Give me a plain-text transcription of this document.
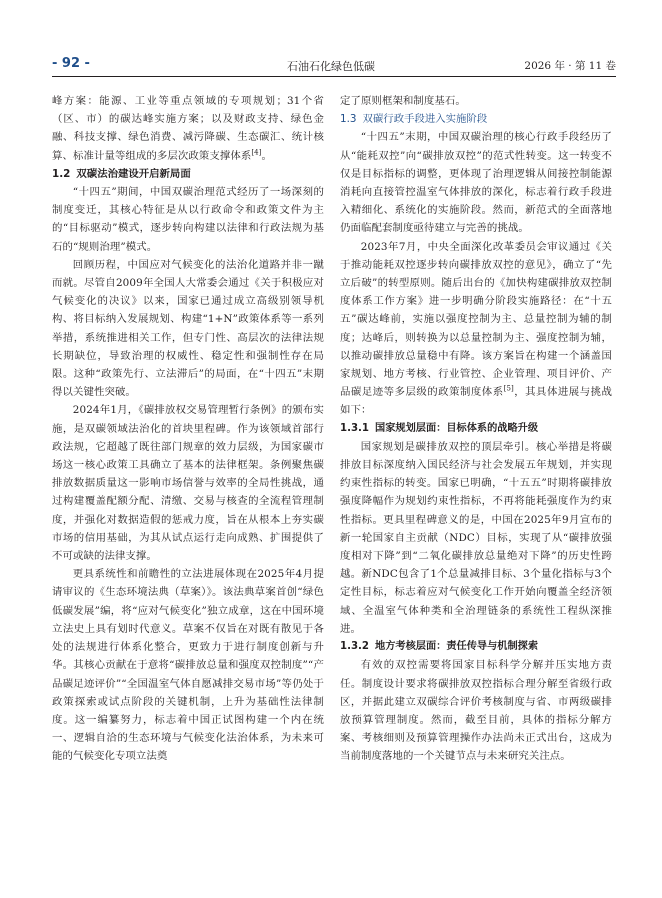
- 92 -	石油石化绿色低碳	2026 年 · 第 11 卷

峰方案：能源、工业等重点领域的专项规划；31个省（区、市）的碳达峰实施方案；以及财政支持、绿色金融、科技支撑、绿色消费、减污降碳、生态碳汇、统计核算、标准计量等组成的多层次政策支撑体系[4]。

1.2 双碳法治建设开启新局面

“十四五”期间，中国双碳治理范式经历了一场深刻的制度变迁，其核心特征是从以行政命令和政策文件为主的“目标驱动”模式，逐步转向构建以法律和行政法规为基石的“规则治理”模式。

回顾历程，中国应对气候变化的法治化道路并非一蹴而就。尽管自2009年全国人大常委会通过《关于积极应对气候变化的决议》以来，国家已通过成立高级别领导机构、将目标纳入发展规划、构建“1+N”政策体系等一系列举措，系统推进相关工作，但专门性、高层次的法律法规长期缺位，导致治理的权威性、稳定性和强制性存在局限。这种“政策先行、立法滞后”的局面，在“十四五”末期得以关键性突破。

2024年1月，《碳排放权交易管理暂行条例》的颁布实施，是双碳领域法治化的首块里程碑。作为该领域首部行政法规，它超越了既往部门规章的效力层级，为国家碳市场这一核心政策工具确立了基本的法律框架。条例聚焦碳排放数据质量这一影响市场信誉与效率的全局性挑战，通过构建覆盖配额分配、清缴、交易与核查的全流程管理制度，并强化对数据造假的惩戒力度，旨在从根本上夯实碳市场的信用基础，为其从试点运行走向成熟、扩围提供了不可或缺的法律支撑。

更具系统性和前瞻性的立法进展体现在2025年4月提请审议的《生态环境法典（草案）》。该法典草案首创“绿色低碳发展”编，将“应对气候变化”独立成章，这在中国环境立法史上具有划时代意义。草案不仅旨在对既有散见于各处的法规进行体系化整合，更致力于进行制度创新与升华。其核心贡献在于意将“碳排放总量和强度双控制度”“产品碳足迹评价”“全国温室气体自愿减排交易市场”等仍处于政策探索或试点阶段的关键机制，上升为基础性法律制度。这一编纂努力，标志着中国正试图构建一个内在统一、逻辑自洽的生态环境与气候变化法治体系，为未来可能的气候变化专项立法奠

定了原则框架和制度基石。

1.3 双碳行政手段进入实施阶段

“十四五”末期，中国双碳治理的核心行政手段经历了从“能耗双控”向“碳排放双控”的范式性转变。这一转变不仅是目标指标的调整，更体现了治理逻辑从间接控制能源消耗向直接管控温室气体排放的深化，标志着行政手段进入精细化、系统化的实施阶段。然而，新范式的全面落地仍面临配套制度亟待建立与完善的挑战。

2023年7月，中央全面深化改革委员会审议通过《关于推动能耗双控逐步转向碳排放双控的意见》，确立了“先立后破”的转型原则。随后出台的《加快构建碳排放双控制度体系工作方案》进一步明确分阶段实施路径：在“十五五”碳达峰前，实施以强度控制为主、总量控制为辅的制度；达峰后，则转换为以总量控制为主、强度控制为辅，以推动碳排放总量稳中有降。该方案旨在构建一个涵盖国家规划、地方考核、行业管控、企业管理、项目评价、产品碳足迹等多层级的政策制度体系[5]，其具体进展与挑战如下：

1.3.1 国家规划层面：目标体系的战略升级

国家规划是碳排放双控的顶层牵引。核心举措是将碳排放目标深度纳入国民经济与社会发展五年规划，并实现约束性指标的转变。国家已明确，“十五五”时期将碳排放强度降幅作为规划约束性指标，不再将能耗强度作为约束性指标。更具里程碑意义的是，中国在2025年9月宣布的新一轮国家自主贡献（NDC）目标，实现了从“碳排放强度相对下降”到“二氧化碳排放总量绝对下降”的历史性跨越。新NDC包含了1个总量减排目标、3个量化指标与3个定性目标，标志着应对气候变化工作开始向覆盖全经济领域、全温室气体种类和全治理链条的系统性工程纵深推进。

1.3.2 地方考核层面：责任传导与机制探索

有效的双控需要将国家目标科学分解并压实地方责任。制度设计要求将碳排放双控指标合理分解至省级行政区，并据此建立双碳综合评价考核制度与省、市两级碳排放预算管理制度。然而，截至目前，具体的指标分解方案、考核细则及预算管理操作办法尚未正式出台，这成为当前制度落地的一个关键节点与未来研究关注点。
